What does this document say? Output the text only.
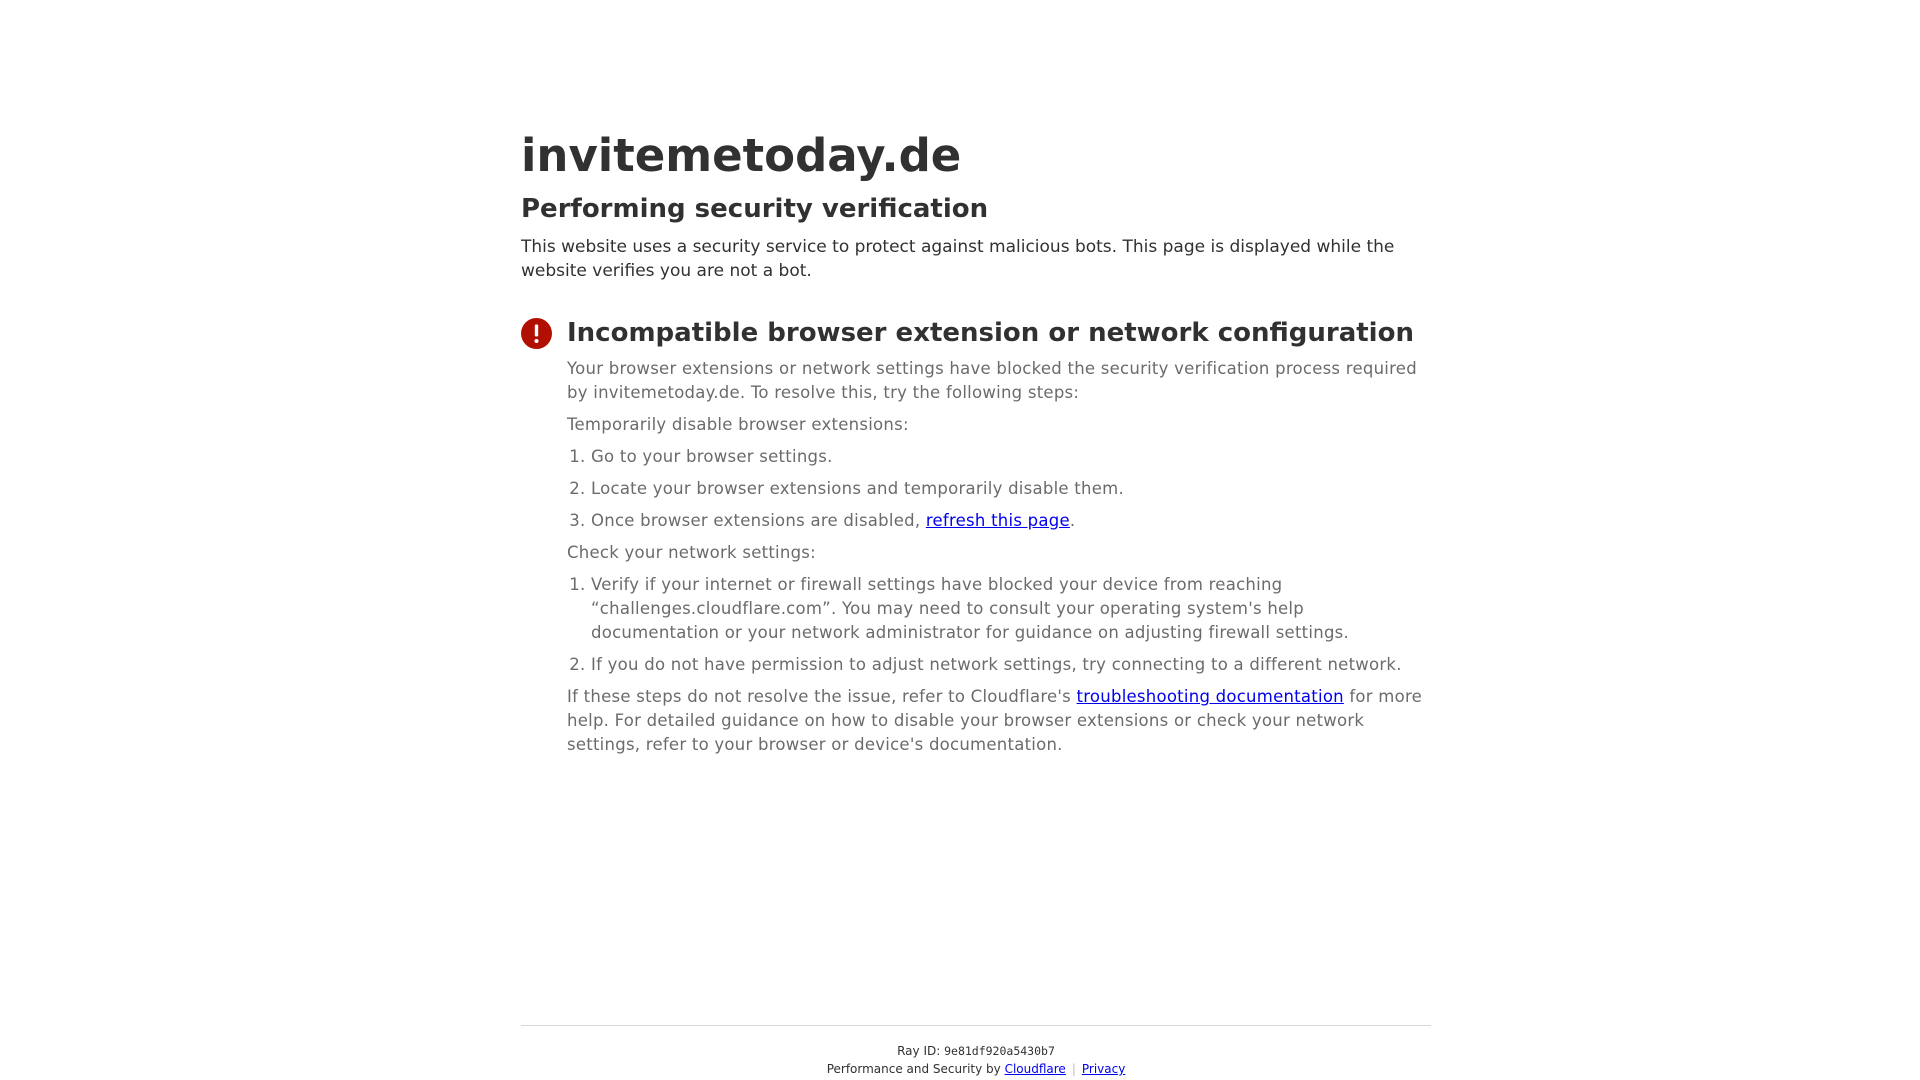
invitemetoday.de
Performing security verification

This website uses a security service to protect against malicious bots. This page is displayed while the website verifies you are not a bot.

Incompatible browser extension or network configuration

Your browser extensions or network settings have blocked the security verification process required by invitemetoday.de. To resolve this, try the following steps:

Temporarily disable browser extensions:

1. Go to your browser settings.
2. Locate your browser extensions and temporarily disable them.
3. Once browser extensions are disabled, refresh this page.

Check your network settings:

1. Verify if your internet or firewall settings have blocked your device from reaching “challenges.cloudflare.com”. You may need to consult your operating system's help documentation or your network administrator for guidance on adjusting firewall settings.
2. If you do not have permission to adjust network settings, try connecting to a different network.

If these steps do not resolve the issue, refer to Cloudflare's troubleshooting documentation for more help. For detailed guidance on how to disable your browser extensions or check your network settings, refer to your browser or device's documentation.

Ray ID: 9e81df920a5430b7
Performance and Security by Cloudflare | Privacy
